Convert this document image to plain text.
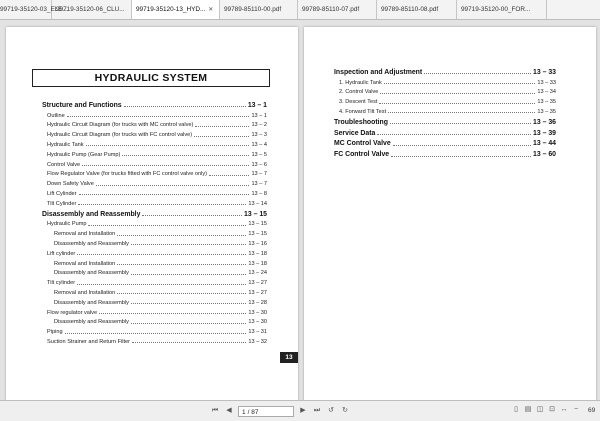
99719-35120-03_ELE...
99719-35120-06_CLU...	99719-35120-13_HYD... ✕	99789-85110-00.pdf	99789-85110-07.pdf	99789-85110-08.pdf	99719-35120-00_FOR...
HYDRAULIC SYSTEM
Structure and Functions	13 – 1
Outline	13 – 1
Hydraulic Circuit Diagram (for trucks with MC control valve)	13 – 2
Hydraulic Circuit Diagram (for trucks with FC control valve)	13 – 3
Hydraulic Tank	13 – 4
Hydraulic Pump (Gear Pump)	13 – 5
Control Valve	13 – 6
Flow Regulator Valve (for trucks fitted with FC control valve only)	13 – 7
Down Safety Valve	13 – 7
Lift Cylinder	13 – 8
Tilt Cylinder	13 – 14
Disassembly and Reassembly	13 – 15
Hydraulic Pump	13 – 15
Removal and Installation	13 – 15
Disassembly and Reassembly	13 – 16
Lift cylinder	13 – 18
Removal and Installation	13 – 18
Disassembly and Reassembly	13 – 24
Tilt cylinder	13 – 27
Removal and Installation	13 – 27
Disassembly and Reassembly	13 – 28
Flow regulator valve	13 – 30
Disassembly and Reassembly	13 – 30
Piping	13 – 31
Suction Strainer and Return Filter	13 – 32
13
Inspection and Adjustment	13 – 33
1. Hydraulic Tank	13 – 33
2. Control Valve	13 – 34
3. Descent Test	13 – 35
4. Forward Tilt Test	13 – 35
Troubleshooting	13 – 36
Service Data	13 – 39
MC Control Valve	13 – 44
FC Control Valve	13 – 60
⏮	◀	1 / 87	▶	⏭ ↺ ↻	▯ ▤ ◫ ⊡ ↔ −	69
